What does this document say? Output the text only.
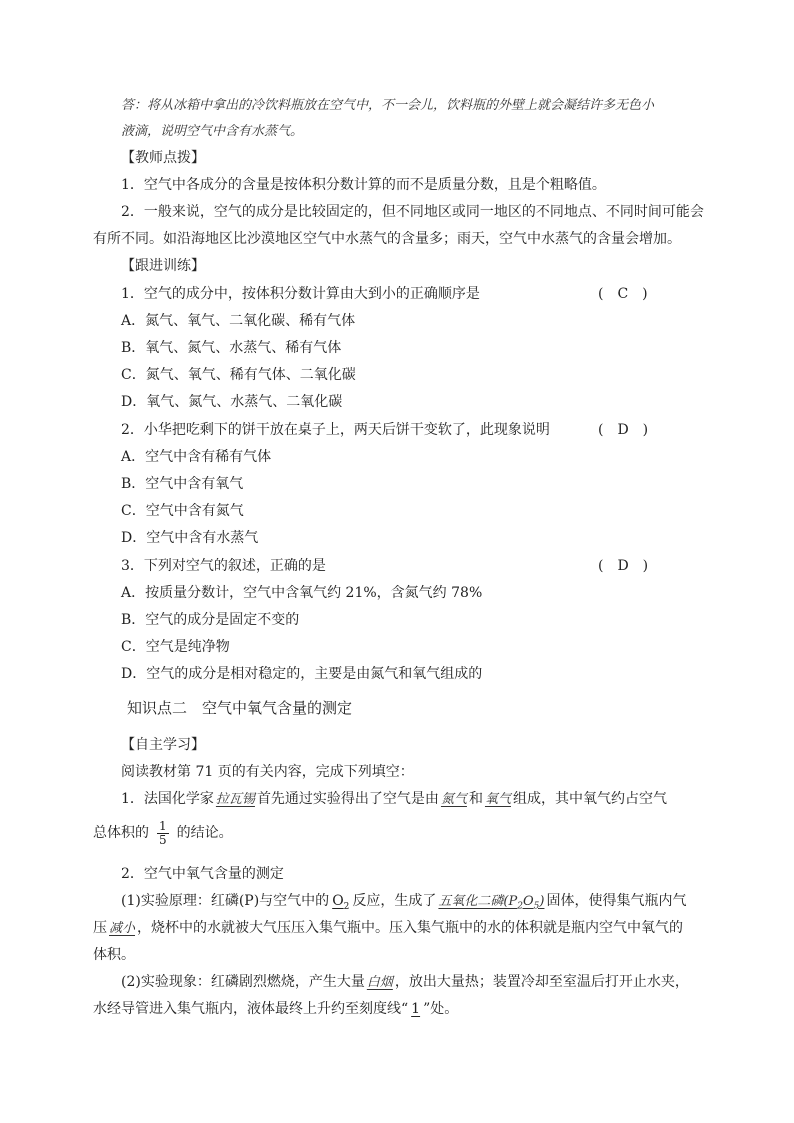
答：将从冰箱中拿出的冷饮料瓶放在空气中，不一会儿，饮料瓶的外壁上就会凝结许多无色小
液滴，说明空气中含有水蒸气。
【教师点拨】
1．空气中各成分的含量是按体积分数计算的而不是质量分数，且是个粗略值。
2．一般来说，空气的成分是比较固定的，但不同地区或同一地区的不同地点、不同时间可能会
有所不同。如沿海地区比沙漠地区空气中水蒸气的含量多；雨天，空气中水蒸气的含量会增加。
【跟进训练】
1．空气的成分中，按体积分数计算由大到小的正确顺序是	(　C　)
A．氮气、氧气、二氧化碳、稀有气体
B．氧气、氮气、水蒸气、稀有气体
C．氮气、氧气、稀有气体、二氧化碳
D．氧气、氮气、水蒸气、二氧化碳
2．小华把吃剩下的饼干放在桌子上，两天后饼干变软了，此现象说明	(　D　)
A．空气中含有稀有气体
B．空气中含有氧气
C．空气中含有氮气
D．空气中含有水蒸气
3．下列对空气的叙述，正确的是	(　D　)
A．按质量分数计，空气中含氧气约 21%，含氮气约 78%
B．空气的成分是固定不变的
C．空气是纯净物
D．空气的成分是相对稳定的，主要是由氮气和氧气组成的
知识点二　空气中氧气含量的测定
【自主学习】
阅读教材第 71 页的有关内容，完成下列填空：
1．法国化学家 拉瓦锡 首先通过实验得出了空气是由 氮气 和 氧气 组成，其中氧气约占空气
总体积的 $\frac{1}{5}$ 的结论。
2．空气中氧气含量的测定
(1)实验原理：红磷(P)与空气中的 $O_2$ 反应，生成了 五氧化二磷$(P_2O_5)$ 固体，使得集气瓶内气
压 减小 ，烧杯中的水就被大气压压入集气瓶中。压入集气瓶中的水的体积就是瓶内空气中氧气的
体积。
(2)实验现象：红磷剧烈燃烧，产生大量 白烟 ，放出大量热；装置冷却至室温后打开止水夹，
水经导管进入集气瓶内，液体最终上升约至刻度线“ 1 ”处。
